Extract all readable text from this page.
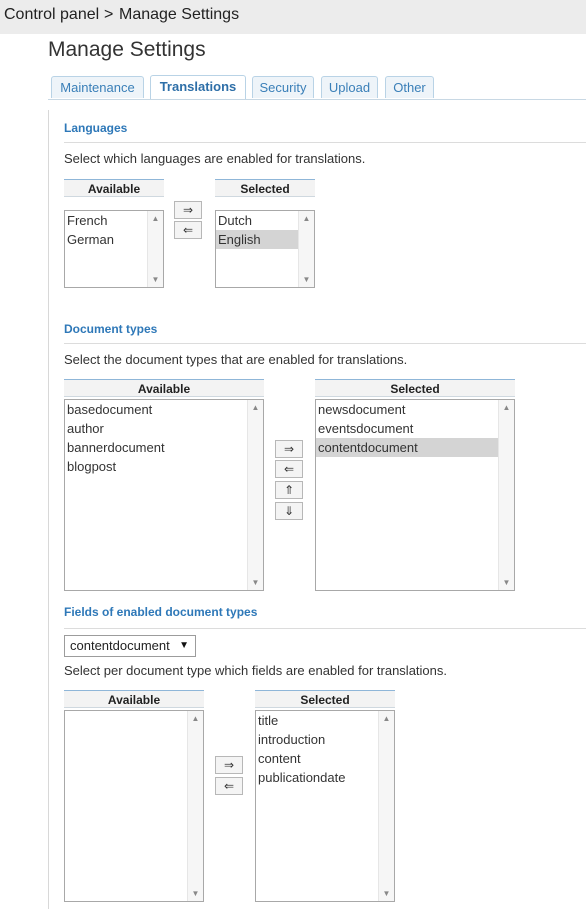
Control panel > Manage Settings
Manage Settings
Maintenance	Translations	Security	Upload	Other
Languages
Select which languages are enabled for translations.
Available
French
German
▲
▼
⇒
⇐
Selected
Dutch
English
▲
▼
Document types
Select the document types that are enabled for translations.
Available
basedocument
author
bannerdocument
blogpost
▲
▼
⇒
⇐
⇑
⇓
Selected
newsdocument
eventsdocument
contentdocument
▲
▼
Fields of enabled document types
contentdocument ▼
Select per document type which fields are enabled for translations.
Available
▲
▼
⇒
⇐
Selected
title
introduction
content
publicationdate
▲
▼
